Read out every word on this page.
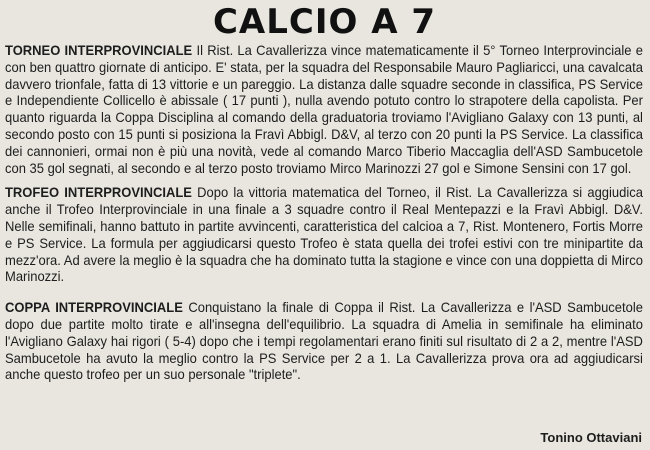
CALCIO A 7

TORNEO INTERPROVINCIALE Il Rist. La Cavallerizza vince matematicamente il 5° Torneo Interprovinciale e con ben quattro giornate di anticipo. E' stata, per la squadra del Responsabile Mauro Pagliaricci, una cavalcata davvero trionfale, fatta di 13 vittorie e un pareggio. La distanza dalle squadre seconde in classifica, PS Service e Independiente Collicello è abissale ( 17 punti ), nulla avendo potuto contro lo strapotere della capolista. Per quanto riguarda la Coppa Disciplina al comando della graduatoria troviamo l'Avigliano Galaxy con 13 punti, al secondo posto con 15 punti si posiziona la Fravì Abbigl. D&V, al terzo con 20 punti la PS Service. La classifica dei cannonieri, ormai non è più una novità, vede al comando Marco Tiberio Maccaglia dell'ASD Sambucetole con 35 gol segnati, al secondo e al terzo posto troviamo Mirco Marinozzi 27 gol e Simone Sensini con 17 gol.

TROFEO INTERPROVINCIALE Dopo la vittoria matematica del Torneo, il Rist. La Cavallerizza si aggiudica anche il Trofeo Interprovinciale in una finale a 3 squadre contro il Real Mentepazzi e la Fravì Abbigl. D&V. Nelle semifinali, hanno battuto in partite avvincenti, caratteristica del calcioa a 7, Rist. Montenero, Fortis Morre e PS Service. La formula per aggiudicarsi questo Trofeo è stata quella dei trofei estivi con tre minipartite da mezz'ora. Ad avere la meglio è la squadra che ha dominato tutta la stagione e vince con una doppietta di Mirco Marinozzi.

COPPA INTERPROVINCIALE Conquistano la finale di Coppa il Rist. La Cavallerizza e l'ASD Sambucetole dopo due partite molto tirate e all'insegna dell'equilibrio. La squadra di Amelia in semifinale ha eliminato l'Avigliano Galaxy hai rigori ( 5-4) dopo che i tempi regolamentari erano finiti sul risultato di 2 a 2, mentre l'ASD Sambucetole ha avuto la meglio contro la PS Service per 2 a 1. La Cavallerizza prova ora ad aggiudicarsi anche questo trofeo per un suo personale "triplete".

Tonino Ottaviani
